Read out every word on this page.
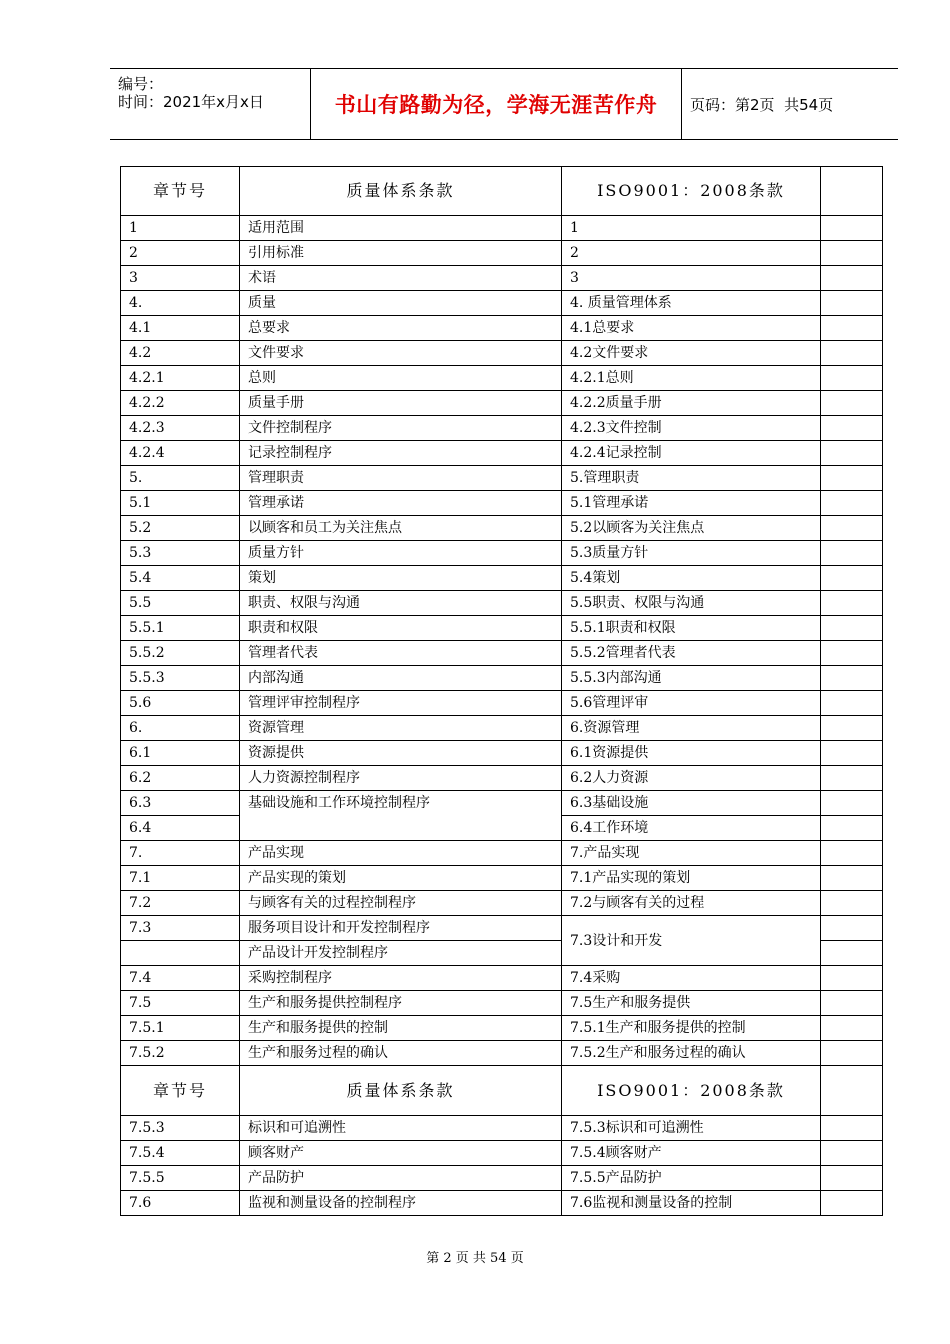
编号：
时间：2021年x月x日	书山有路勤为径，学海无涯苦作舟	页码：第2页  共54页
章节号	质量体系条款	ISO9001：2008条款	
1	适用范围	1	
2	引用标准	2	
3	术语	3	
4.	质量	4. 质量管理体系	
4.1	总要求	4.1总要求	
4.2	文件要求	4.2文件要求	
4.2.1	总则	4.2.1总则	
4.2.2	质量手册	4.2.2质量手册	
4.2.3	文件控制程序	4.2.3文件控制	
4.2.4	记录控制程序	4.2.4记录控制	
5.	管理职责	5.管理职责	
5.1	管理承诺	5.1管理承诺	
5.2	以顾客和员工为关注焦点	5.2以顾客为关注焦点	
5.3	质量方针	5.3质量方针	
5.4	策划	5.4策划	
5.5	职责、权限与沟通	5.5职责、权限与沟通	
5.5.1	职责和权限	5.5.1职责和权限	
5.5.2	管理者代表	5.5.2管理者代表	
5.5.3	内部沟通	5.5.3内部沟通	
5.6	管理评审控制程序	5.6管理评审	
6.	资源管理	6.资源管理	
6.1	资源提供	6.1资源提供	
6.2	人力资源控制程序	6.2人力资源	
6.3	基础设施和工作环境控制程序	6.3基础设施	
6.4		6.4工作环境	
7.	产品实现	7.产品实现	
7.1	产品实现的策划	7.1产品实现的策划	
7.2	与顾客有关的过程控制程序	7.2与顾客有关的过程	
7.3	服务项目设计和开发控制程序	7.3设计和开发	
	产品设计开发控制程序		
7.4	采购控制程序	7.4采购	
7.5	生产和服务提供控制程序	7.5生产和服务提供	
7.5.1	生产和服务提供的控制	7.5.1生产和服务提供的控制	
7.5.2	生产和服务过程的确认	7.5.2生产和服务过程的确认	
章节号	质量体系条款	ISO9001：2008条款	
7.5.3	标识和可追溯性	7.5.3标识和可追溯性	
7.5.4	顾客财产	7.5.4顾客财产	
7.5.5	产品防护	7.5.5产品防护	
7.6	监视和测量设备的控制程序	7.6监视和测量设备的控制	
第 2 页 共 54 页
